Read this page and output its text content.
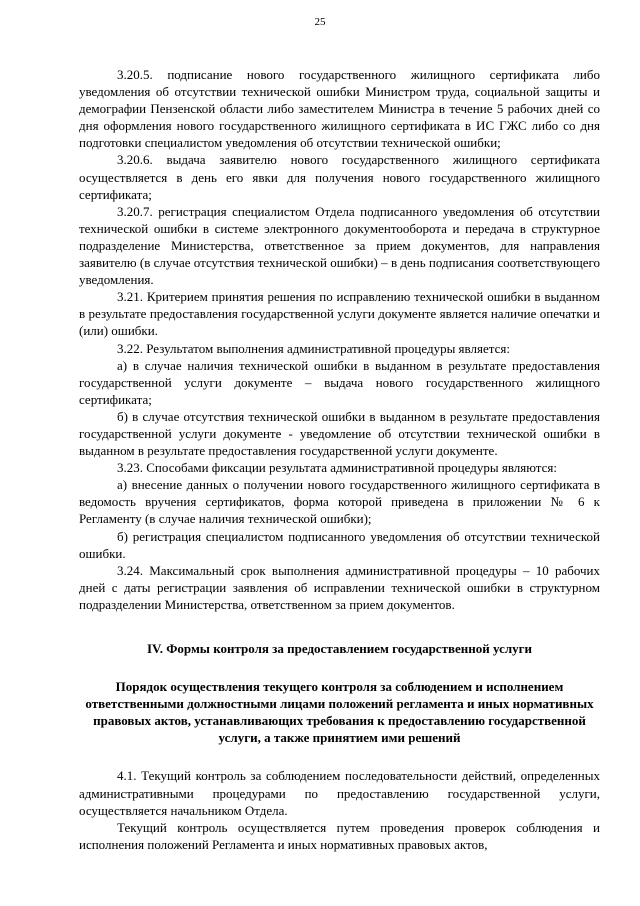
25

3.20.5. подписание нового государственного жилищного сертификата либо уведомления об отсутствии технической ошибки Министром труда, социальной защиты и демографии Пензенской области либо заместителем Министра в течение 5 рабочих дней со дня оформления нового государственного жилищного сертификата в ИС ГЖС либо со дня подготовки специалистом уведомления об отсутствии технической ошибки;

3.20.6. выдача заявителю нового государственного жилищного сертификата осуществляется в день его явки для получения нового государственного жилищного сертификата;

3.20.7. регистрация специалистом Отдела подписанного уведомления об отсутствии технической ошибки в системе электронного документооборота и передача в структурное подразделение Министерства, ответственное за прием документов, для направления заявителю (в случае отсутствия технической ошибки) – в день подписания соответствующего уведомления.

3.21. Критерием принятия решения по исправлению технической ошибки в выданном в результате предоставления государственной услуги документе является наличие опечатки и (или) ошибки.

3.22. Результатом выполнения административной процедуры является:

а) в случае наличия технической ошибки в выданном в результате предоставления государственной услуги документе – выдача нового государственного жилищного сертификата;

б) в случае отсутствия технической ошибки в выданном в результате предоставления государственной услуги документе - уведомление об отсутствии технической ошибки в выданном в результате предоставления государственной услуги документе.

3.23. Способами фиксации результата административной процедуры являются:

а) внесение данных о получении нового государственного жилищного сертификата в ведомость вручения сертификатов, форма которой приведена в приложении № 6 к Регламенту (в случае наличия технической ошибки);

б) регистрация специалистом подписанного уведомления об отсутствии технической ошибки.

3.24. Максимальный срок выполнения административной процедуры – 10 рабочих дней с даты регистрации заявления об исправлении технической ошибки в структурном подразделении Министерства, ответственном за прием документов.

IV. Формы контроля за предоставлением государственной услуги

Порядок осуществления текущего контроля за соблюдением и исполнением ответственными должностными лицами положений регламента и иных нормативных правовых актов, устанавливающих требования к предоставлению государственной услуги, а также принятием ими решений

4.1. Текущий контроль за соблюдением последовательности действий, определенных административными процедурами по предоставлению государственной услуги, осуществляется начальником Отдела.

Текущий контроль осуществляется путем проведения проверок соблюдения и исполнения положений Регламента и иных нормативных правовых актов,
